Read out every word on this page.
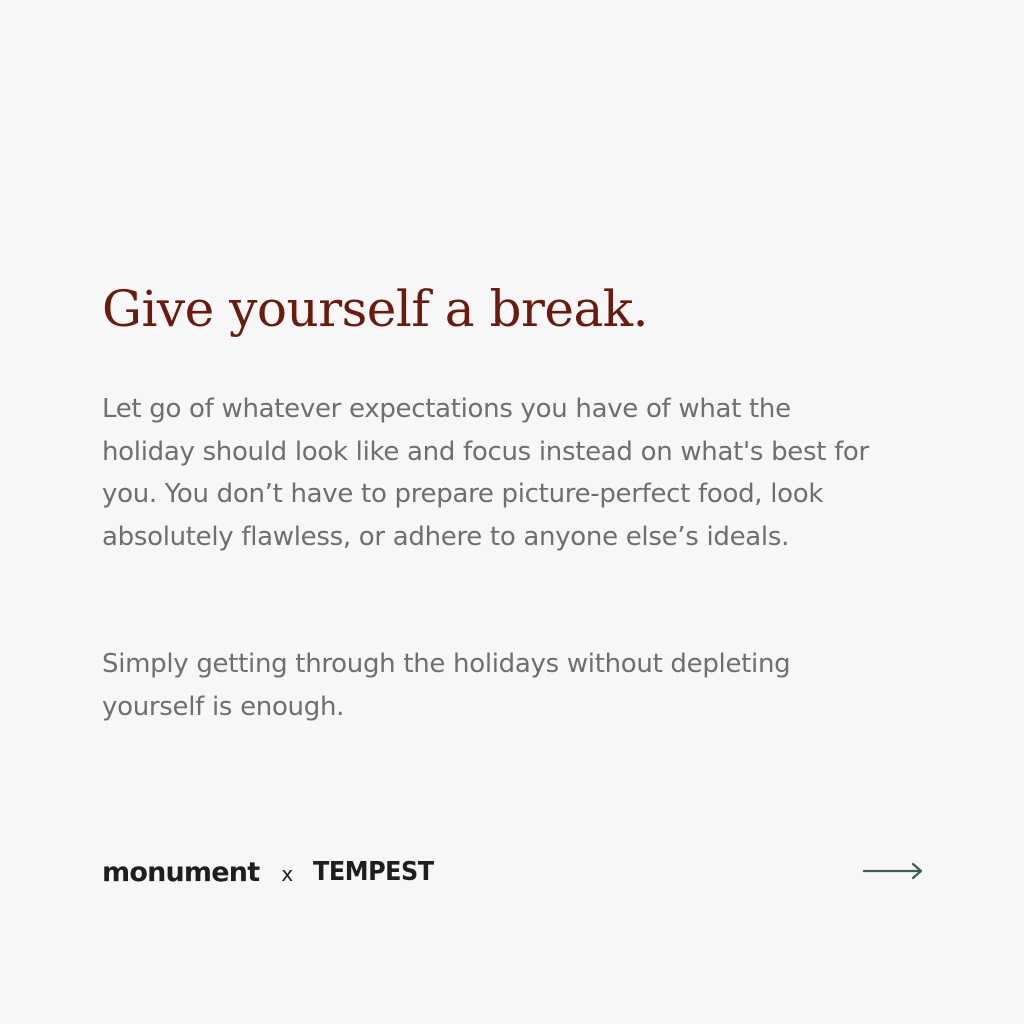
Give yourself a break.

Let go of whatever expectations you have of what the holiday should look like and focus instead on what's best for you. You don’t have to prepare picture-perfect food, look absolutely flawless, or adhere to anyone else’s ideals.

Simply getting through the holidays without depleting yourself is enough.

monument x TEMPEST
